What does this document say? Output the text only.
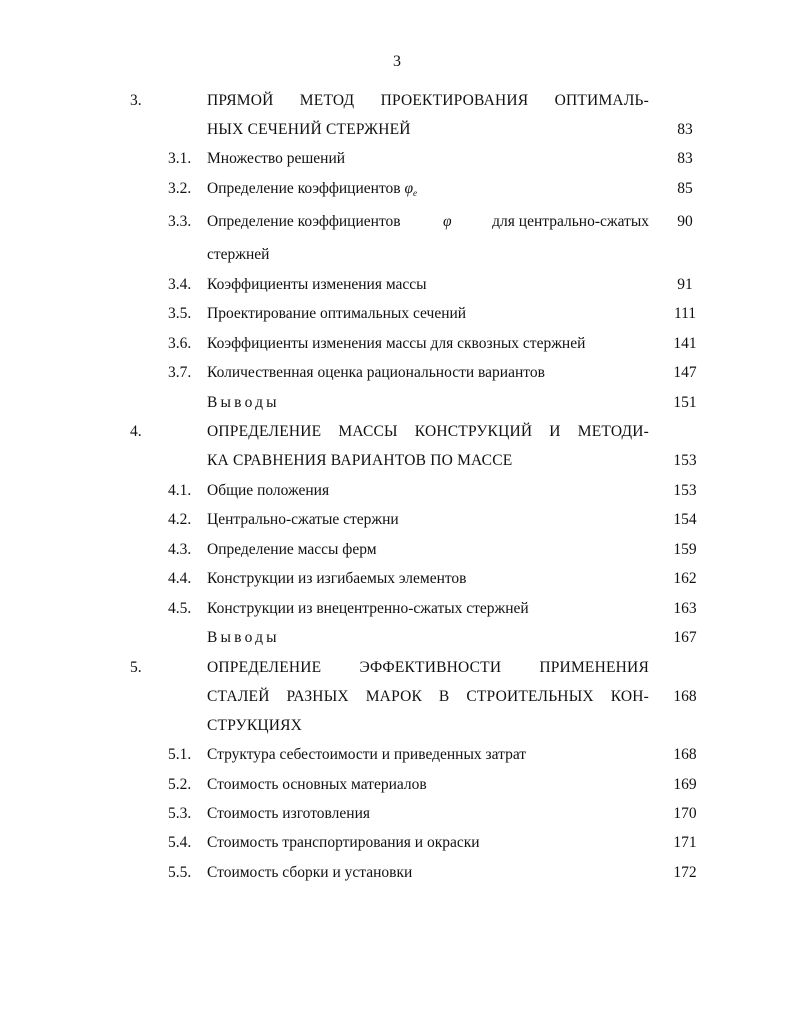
3
3.	ПРЯМОЙ МЕТОД ПРОЕКТИРОВАНИЯ ОПТИМАЛЬ-
НЫХ СЕЧЕНИЙ СТЕРЖНЕЙ	83
3.1. Множество решений	83
3.2. Определение коэффициентов $\varphi_e$	85
3.3. Определение коэффициентов	φ	для центрально-сжатых	90
стержней
3.4. Коэффициенты изменения массы	91
3.5. Проектирование оптимальных сечений	111
3.6. Коэффициенты изменения массы для сквозных стержней	141
3.7. Количественная оценка рациональности вариантов	147
Выводы	151
4.	ОПРЕДЕЛЕНИЕ МАССЫ КОНСТРУКЦИЙ И МЕТОДИ-
КА СРАВНЕНИЯ ВАРИАНТОВ ПО МАССЕ	153
4.1. Общие положения	153
4.2. Центрально-сжатые стержни	154
4.3. Определение массы ферм	159
4.4. Конструкции из изгибаемых элементов	162
4.5. Конструкции из внецентренно-сжатых стержней	163
Выводы	167
5.	ОПРЕДЕЛЕНИЕ ЭФФЕКТИВНОСТИ ПРИМЕНЕНИЯ
СТАЛЕЙ РАЗНЫХ МАРОК В СТРОИТЕЛЬНЫХ КОН-	168
СТРУКЦИЯХ
5.1. Структура себестоимости и приведенных затрат	168
5.2. Стоимость основных материалов	169
5.3. Стоимость изготовления	170
5.4. Стоимость транспортирования и окраски	171
5.5. Стоимость сборки и установки	172
